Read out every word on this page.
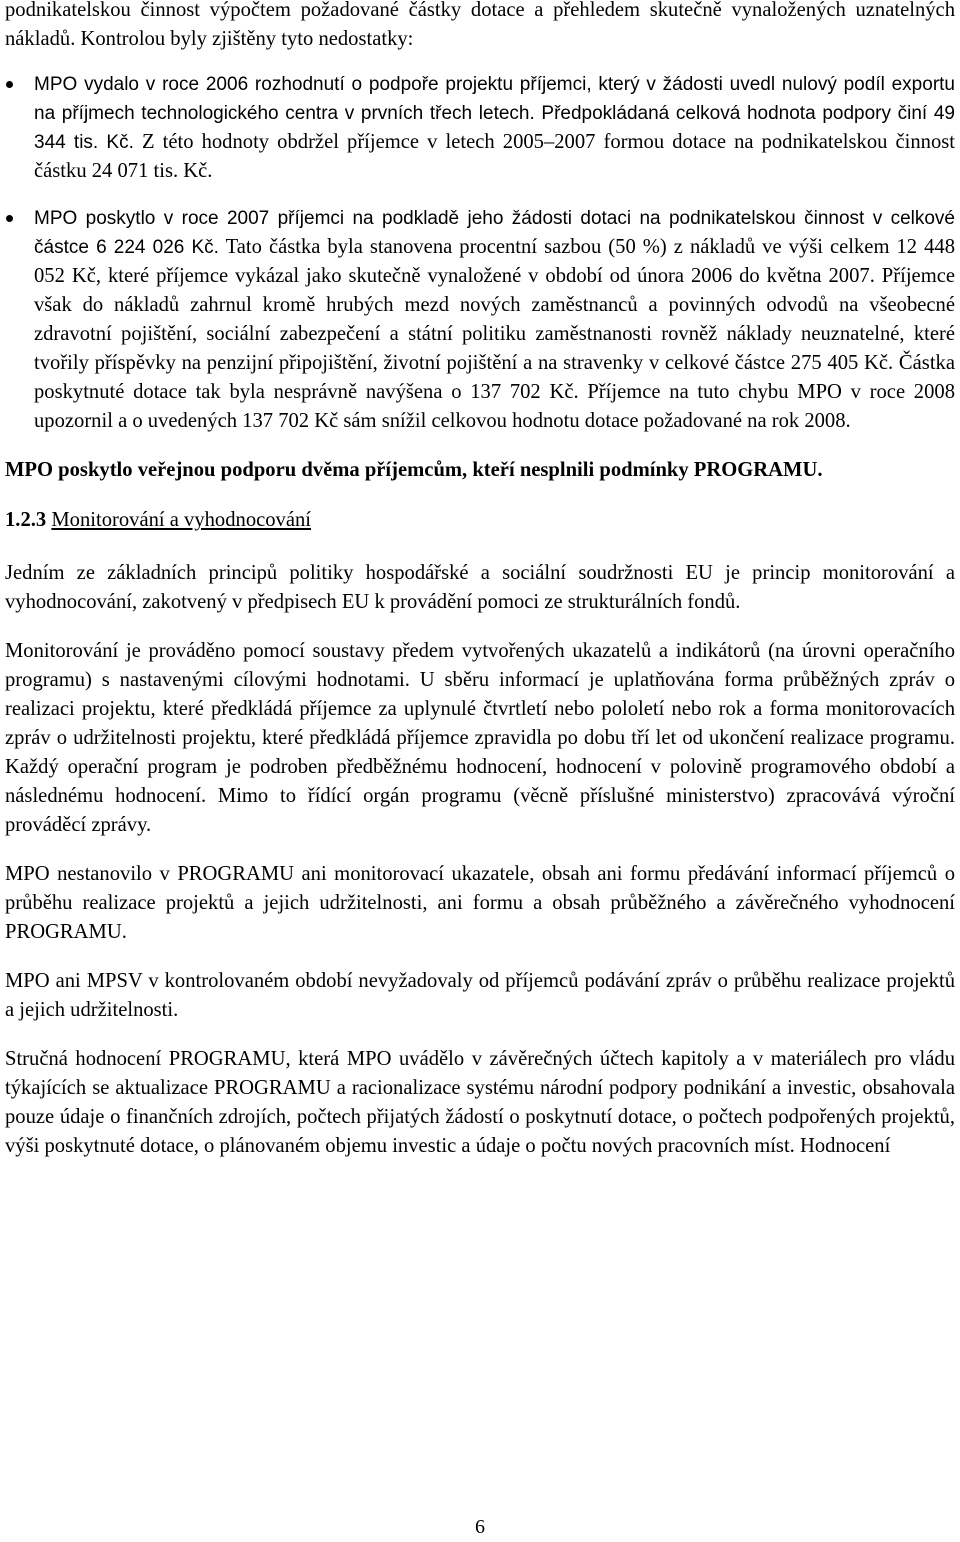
podnikatelskou činnost výpočtem požadované částky dotace a přehledem skutečně vynaložených uznatelných nákladů. Kontrolou byly zjištěny tyto nedostatky:

MPO vydalo v roce 2006 rozhodnutí o podpoře projektu příjemci, který v žádosti uvedl nulový podíl exportu na příjmech technologického centra v prvních třech letech. Předpokládaná celková hodnota podpory činí 49 344 tis. Kč. Z této hodnoty obdržel příjemce v letech 2005–2007 formou dotace na podnikatelskou činnost částku 24 071 tis. Kč.
MPO poskytlo v roce 2007 příjemci na podkladě jeho žádosti dotaci na podnikatelskou činnost v celkové částce 6 224 026 Kč. Tato částka byla stanovena procentní sazbou (50 %) z nákladů ve výši celkem 12 448 052 Kč, které příjemce vykázal jako skutečně vynaložené v období od února 2006 do května 2007. Příjemce však do nákladů zahrnul kromě hrubých mezd nových zaměstnanců a povinných odvodů na všeobecné zdravotní pojištění, sociální zabezpečení a státní politiku zaměstnanosti rovněž náklady neuznatelné, které tvořily příspěvky na penzijní připojištění, životní pojištění a na stravenky v celkové částce 275 405 Kč. Částka poskytnuté dotace tak byla nesprávně navýšena o 137 702 Kč. Příjemce na tuto chybu MPO v roce 2008 upozornil a o uvedených 137 702 Kč sám snížil celkovou hodnotu dotace požadované na rok 2008.

MPO poskytlo veřejnou podporu dvěma příjemcům, kteří nesplnili podmínky PROGRAMU.

1.2.3 Monitorování a vyhodnocování

Jedním ze základních principů politiky hospodářské a sociální soudržnosti EU je princip monitorování a vyhodnocování, zakotvený v předpisech EU k provádění pomoci ze strukturálních fondů.

Monitorování je prováděno pomocí soustavy předem vytvořených ukazatelů a indikátorů (na úrovni operačního programu) s nastavenými cílovými hodnotami. U sběru informací je uplatňována forma průběžných zpráv o realizaci projektu, které předkládá příjemce za uplynulé čtvrtletí nebo pololetí nebo rok a forma monitorovacích zpráv o udržitelnosti projektu, které předkládá příjemce zpravidla po dobu tří let od ukončení realizace programu. Každý operační program je podroben předběžnému hodnocení, hodnocení v polovině programového období a následnému hodnocení. Mimo to řídící orgán programu (věcně příslušné ministerstvo) zpracovává výroční prováděcí zprávy.

MPO nestanovilo v PROGRAMU ani monitorovací ukazatele, obsah ani formu předávání informací příjemců o průběhu realizace projektů a jejich udržitelnosti, ani formu a obsah průběžného a závěrečného vyhodnocení PROGRAMU.

MPO ani MPSV v kontrolovaném období nevyžadovaly od příjemců podávání zpráv o průběhu realizace projektů a jejich udržitelnosti.

Stručná hodnocení PROGRAMU, která MPO uvádělo v závěrečných účtech kapitoly a v materiálech pro vládu týkajících se aktualizace PROGRAMU a racionalizace systému národní podpory podnikání a investic, obsahovala pouze údaje o finančních zdrojích, počtech přijatých žádostí o poskytnutí dotace, o počtech podpořených projektů, výši poskytnuté dotace, o plánovaném objemu investic a údaje o počtu nových pracovních míst. Hodnocení

6
